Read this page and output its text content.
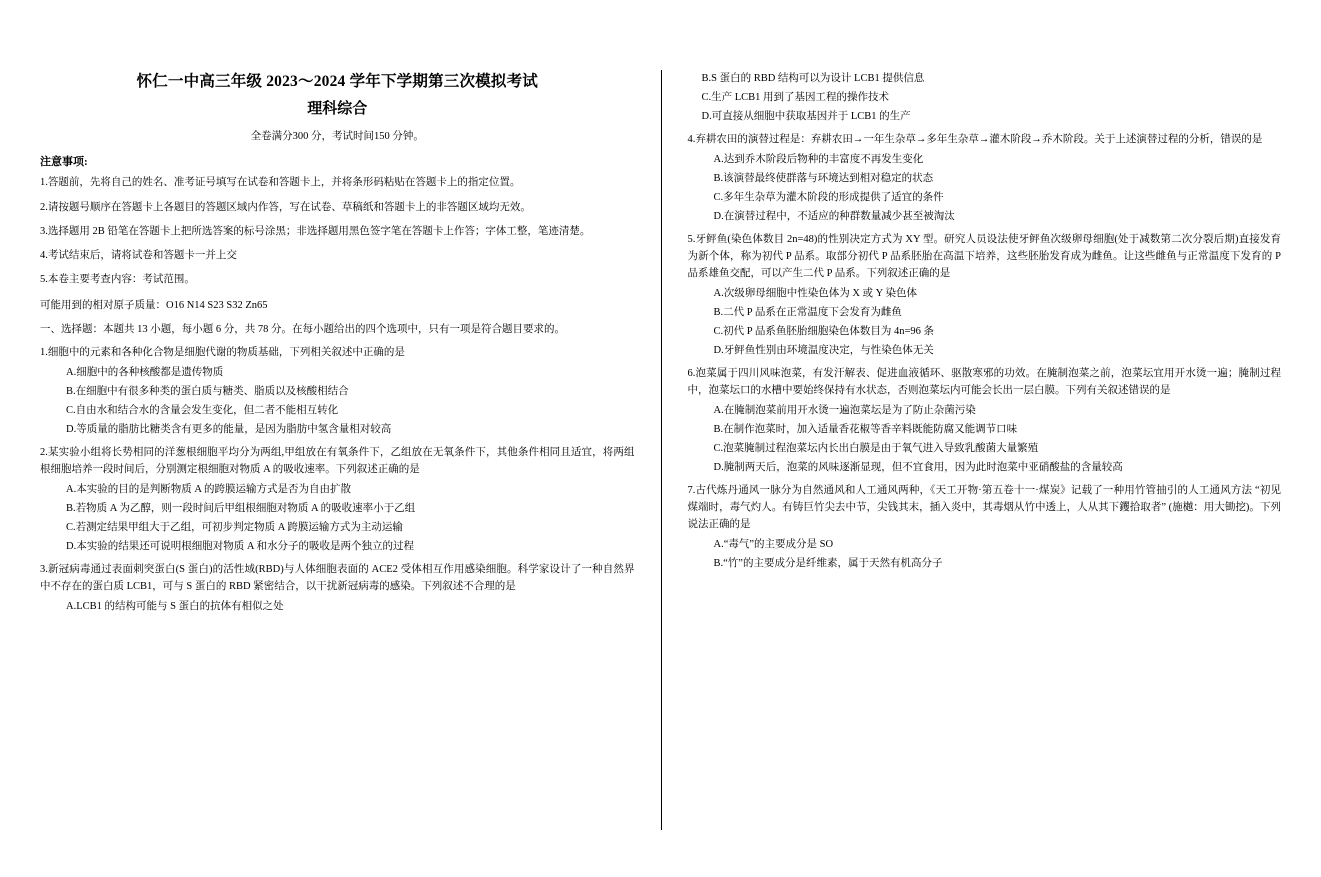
怀仁一中高三年级 2023～2024 学年下学期第三次模拟考试
理科综合
全卷满分300 分，考试时间150 分钟。
注意事项:
1.答题前，先将自己的姓名、准考证号填写在试卷和答题卡上，并将条形码粘贴在答题卡上的指定位置。
2.请按题号顺序在答题卡上各题目的答题区域内作答，写在试卷、草稿纸和答题卡上的非答题区域均无效。
3.选择题用 2B 铅笔在答题卡上把所选答案的标号涂黑；非选择题用黑色签字笔在答题卡上作答；字体工整，笔迹清楚。
4.考试结束后，请将试卷和答题卡一并上交
5.本卷主要考查内容：考试范围。
可能用到的相对原子质量：O16 N14 S23 S32 Zn65
一、选择题：本题共 13 小题，每小题 6 分，共 78 分。在每小题给出的四个选项中，只有一项是符合题目要求的。
1.细胞中的元素和各种化合物是细胞代谢的物质基础，下列相关叙述中正确的是
A.细胞中的各种核酸都是遗传物质
B.在细胞中有很多种类的蛋白质与糖类、脂质以及核酸相结合
C.自由水和结合水的含量会发生变化，但二者不能相互转化
D.等质量的脂肪比糖类含有更多的能量，是因为脂肪中氢含量相对较高
2.某实验小组将长势相同的洋葱根细胞平均分为两组,甲组放在有氧条件下，乙组放在无氧条件下，其他条件相同且适宜，将两组根细胞培养一段时间后，分别测定根细胞对物质 A 的吸收速率。下列叙述正确的是
A.本实验的目的是判断物质 A 的跨膜运输方式是否为自由扩散
B.若物质 A 为乙醇，则一段时间后甲组根细胞对物质 A 的吸收速率小于乙组
C.若测定结果甲组大于乙组，可初步判定物质 A 跨膜运输方式为主动运输
D.本实验的结果还可说明根细胞对物质 A 和水分子的吸收是两个独立的过程
3.新冠病毒通过表面刺突蛋白(S 蛋白)的活性域(RBD)与人体细胞表面的 ACE2 受体相互作用感染细胞。科学家设计了一种自然界中不存在的蛋白质 LCB1，可与 S 蛋白的 RBD 紧密结合，以干扰新冠病毒的感染。下列叙述不合理的是
A.LCB1 的结构可能与 S 蛋白的抗体有相似之处
B.S 蛋白的 RBD 结构可以为设计 LCB1 提供信息
C.生产 LCB1 用到了基因工程的操作技术
D.可直接从细胞中获取基因并于 LCB1 的生产
4.弃耕农田的演替过程是：弃耕农田→一年生杂草→多年生杂草→灌木阶段→乔木阶段。关于上述演替过程的分析，错误的是
A.达到乔木阶段后物种的丰富度不再发生变化
B.该演替最终使群落与环境达到相对稳定的状态
C.多年生杂草为灌木阶段的形成提供了适宜的条件
D.在演替过程中，不适应的种群数量减少甚至被淘汰
5.牙鲆鱼(染色体数目 2n=48)的性别决定方式为 XY 型。研究人员设法使牙鲆鱼次级卵母细胞(处于减数第二次分裂后期)直接发育为新个体，称为初代 P 品系。取部分初代 P 品系胚胎在高温下培养，这些胚胎发育成为雌鱼。让这些雌鱼与正常温度下发育的 P 品系雄鱼交配，可以产生二代 P 品系。下列叙述正确的是
A.次级卵母细胞中性染色体为 X 或 Y 染色体
B.二代 P 品系在正常温度下会发育为雌鱼
C.初代 P 品系鱼胚胎细胞染色体数目为 4n=96 条
D.牙鲆鱼性别由环境温度决定，与性染色体无关
6.泡菜属于四川风味泡菜，有发汗解表、促进血液循环、驱散寒邪的功效。在腌制泡菜之前，泡菜坛宜用开水烫一遍；腌制过程中，泡菜坛口的水槽中要始终保持有水状态，否则泡菜坛内可能会长出一层白膜。下列有关叙述错误的是
A.在腌制泡菜前用开水烫一遍泡菜坛是为了防止杂菌污染
B.在制作泡菜时，加入适量香花椒等香辛料既能防腐又能调节口味
C.泡菜腌制过程泡菜坛内长出白膜是由于氧气进入导致乳酸菌大量繁殖
D.腌制两天后，泡菜的风味逐渐显现，但不宜食用，因为此时泡菜中亚硝酸盐的含量较高
7.古代炼丹通风一脉分为自然通风和人工通风两种，《天工开物·第五卷十一·煤炭》记载了一种用竹管抽引的人工通风方法 “初见煤端时，毒气灼人。有铸巨竹尖去中节，尖钱其末，插入炎中，其毒烟从竹中透上，人从其下钁拾取者” (施樾：用大锄挖)。下列说法正确的是
A.“毒气”的主要成分是 SO
B.“竹”的主要成分是纤维素，属于天然有机高分子
